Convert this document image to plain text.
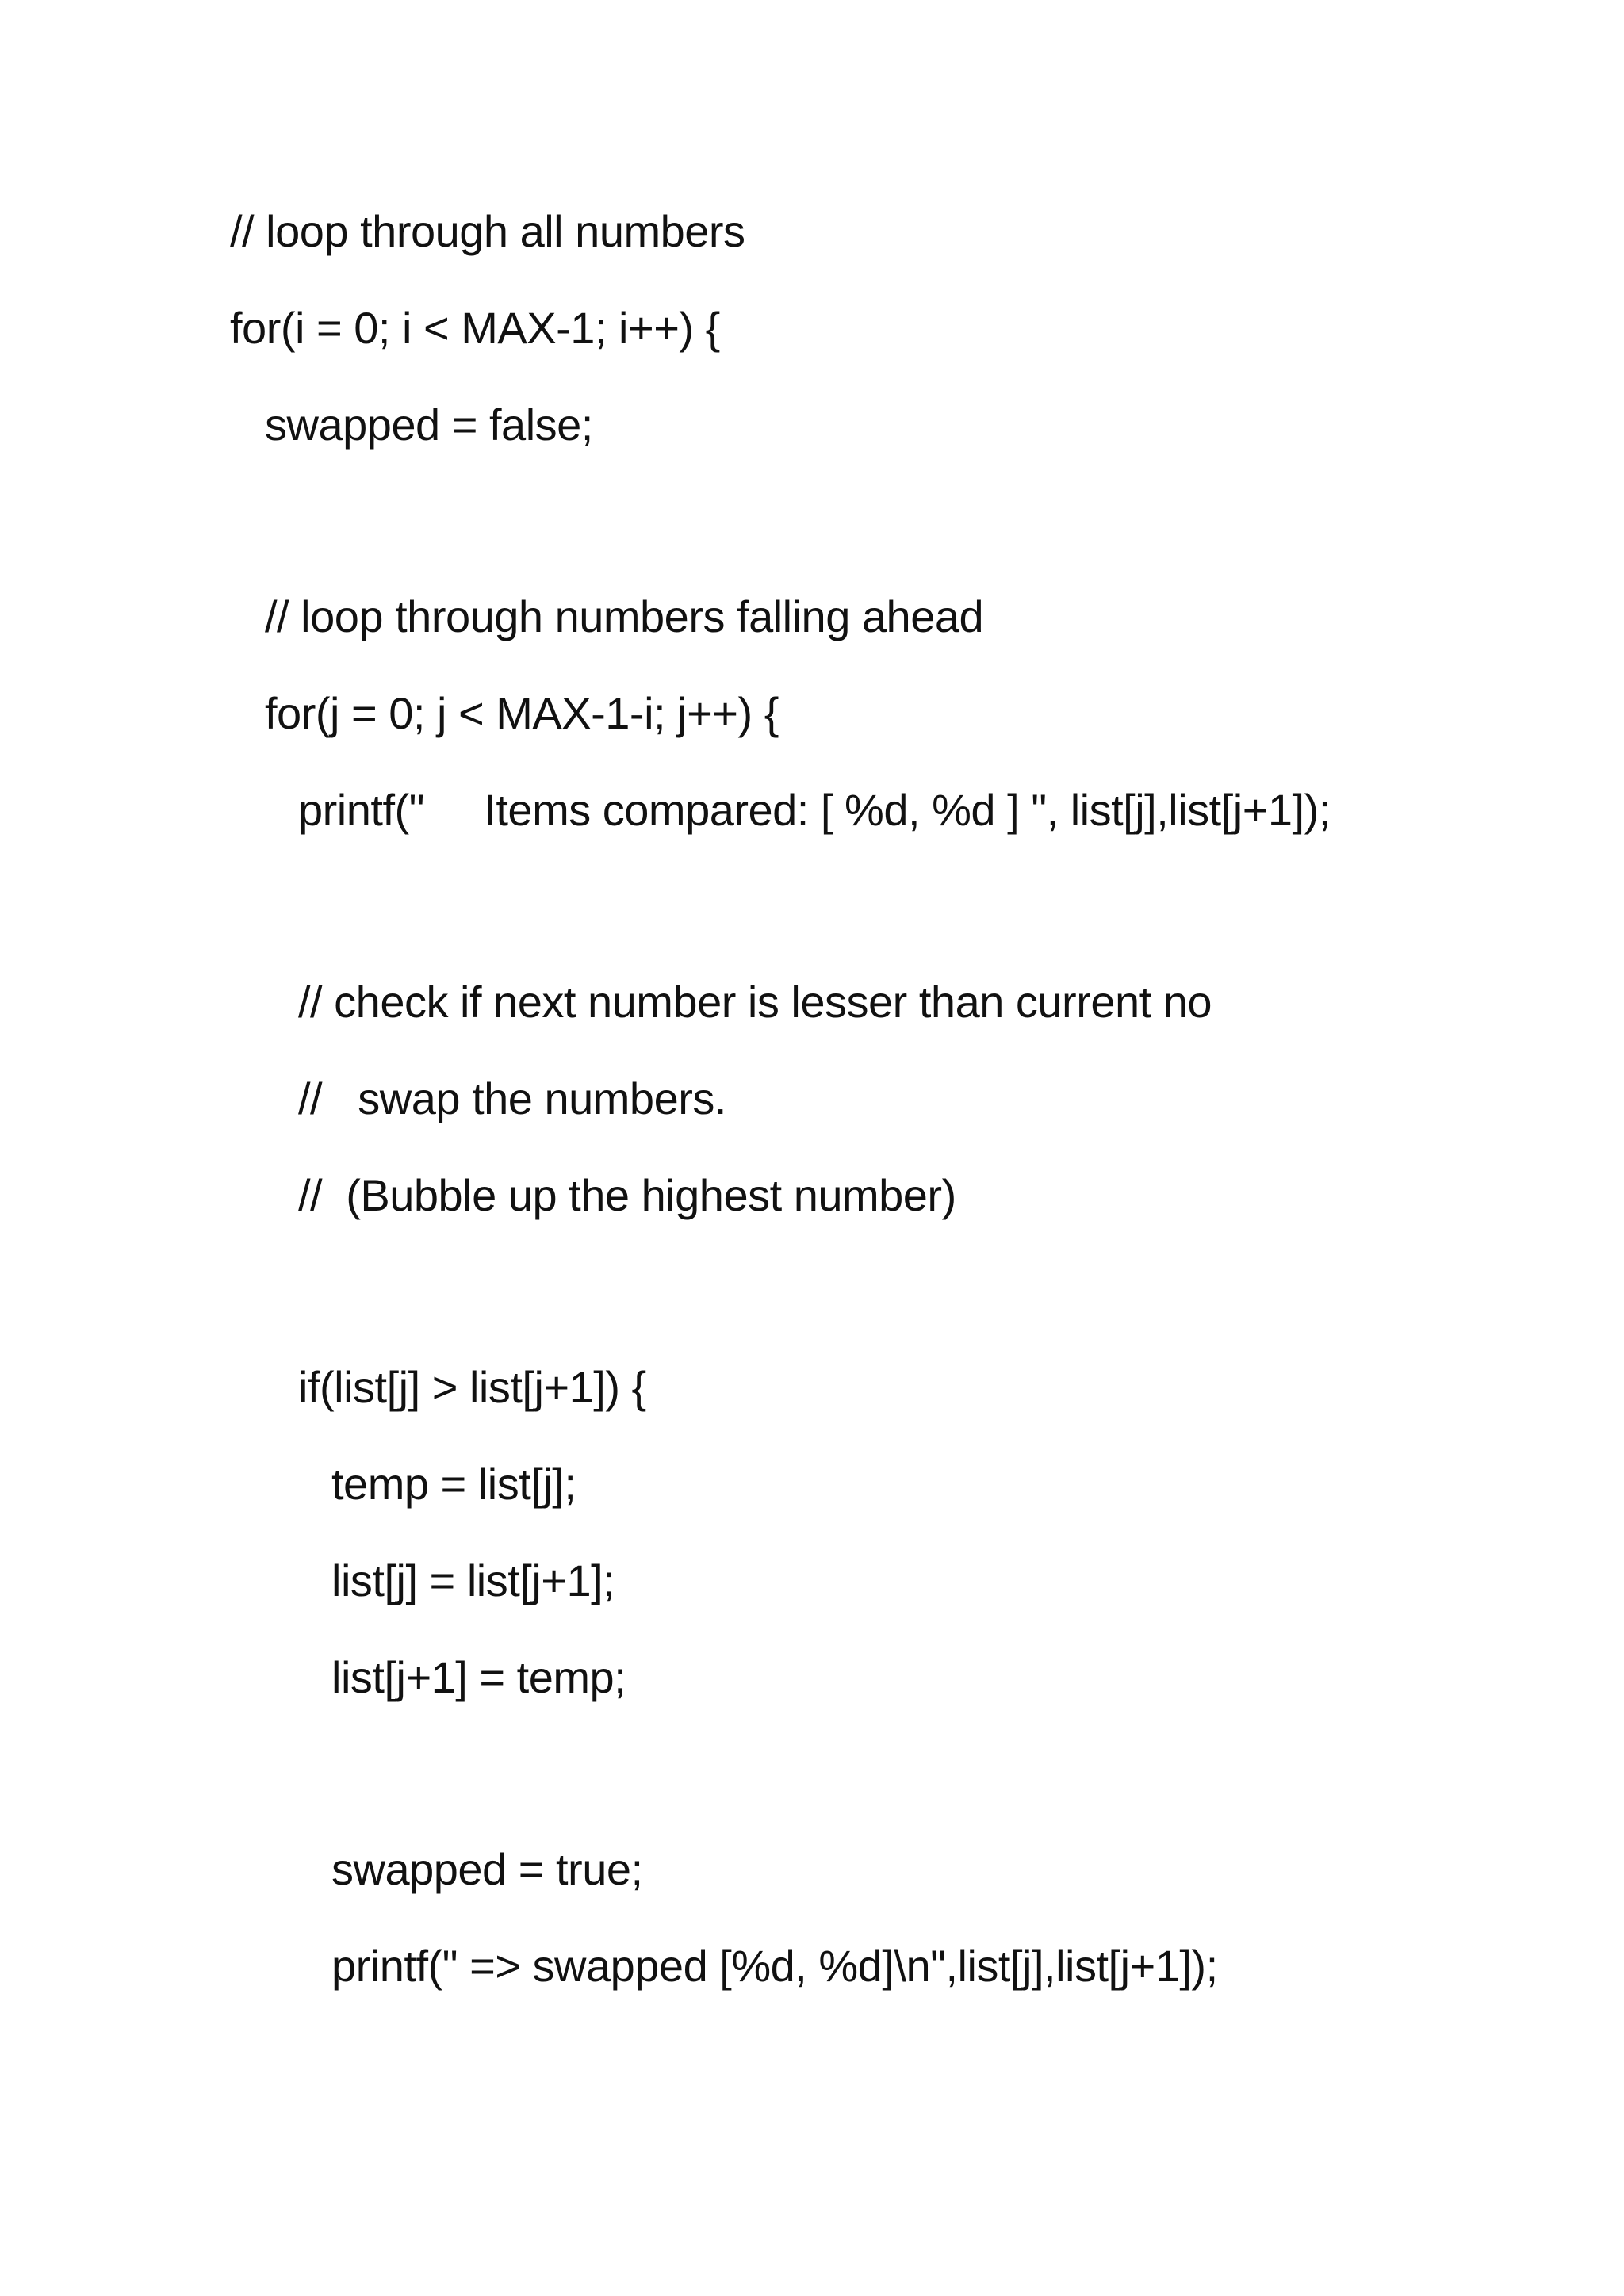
// loop through all numbers
for(i = 0; i < MAX-1; i++) {
swapped = false;
// loop through numbers falling ahead
for(j = 0; j < MAX-1-i; j++) {
printf("     Items compared: [ %d, %d ] ", list[j],list[j+1]);
// check if next number is lesser than current no
//   swap the numbers.
//  (Bubble up the highest number)
if(list[j] > list[j+1]) {
temp = list[j];
list[j] = list[j+1];
list[j+1] = temp;
swapped = true;
printf(" => swapped [%d, %d]\n",list[j],list[j+1]);
